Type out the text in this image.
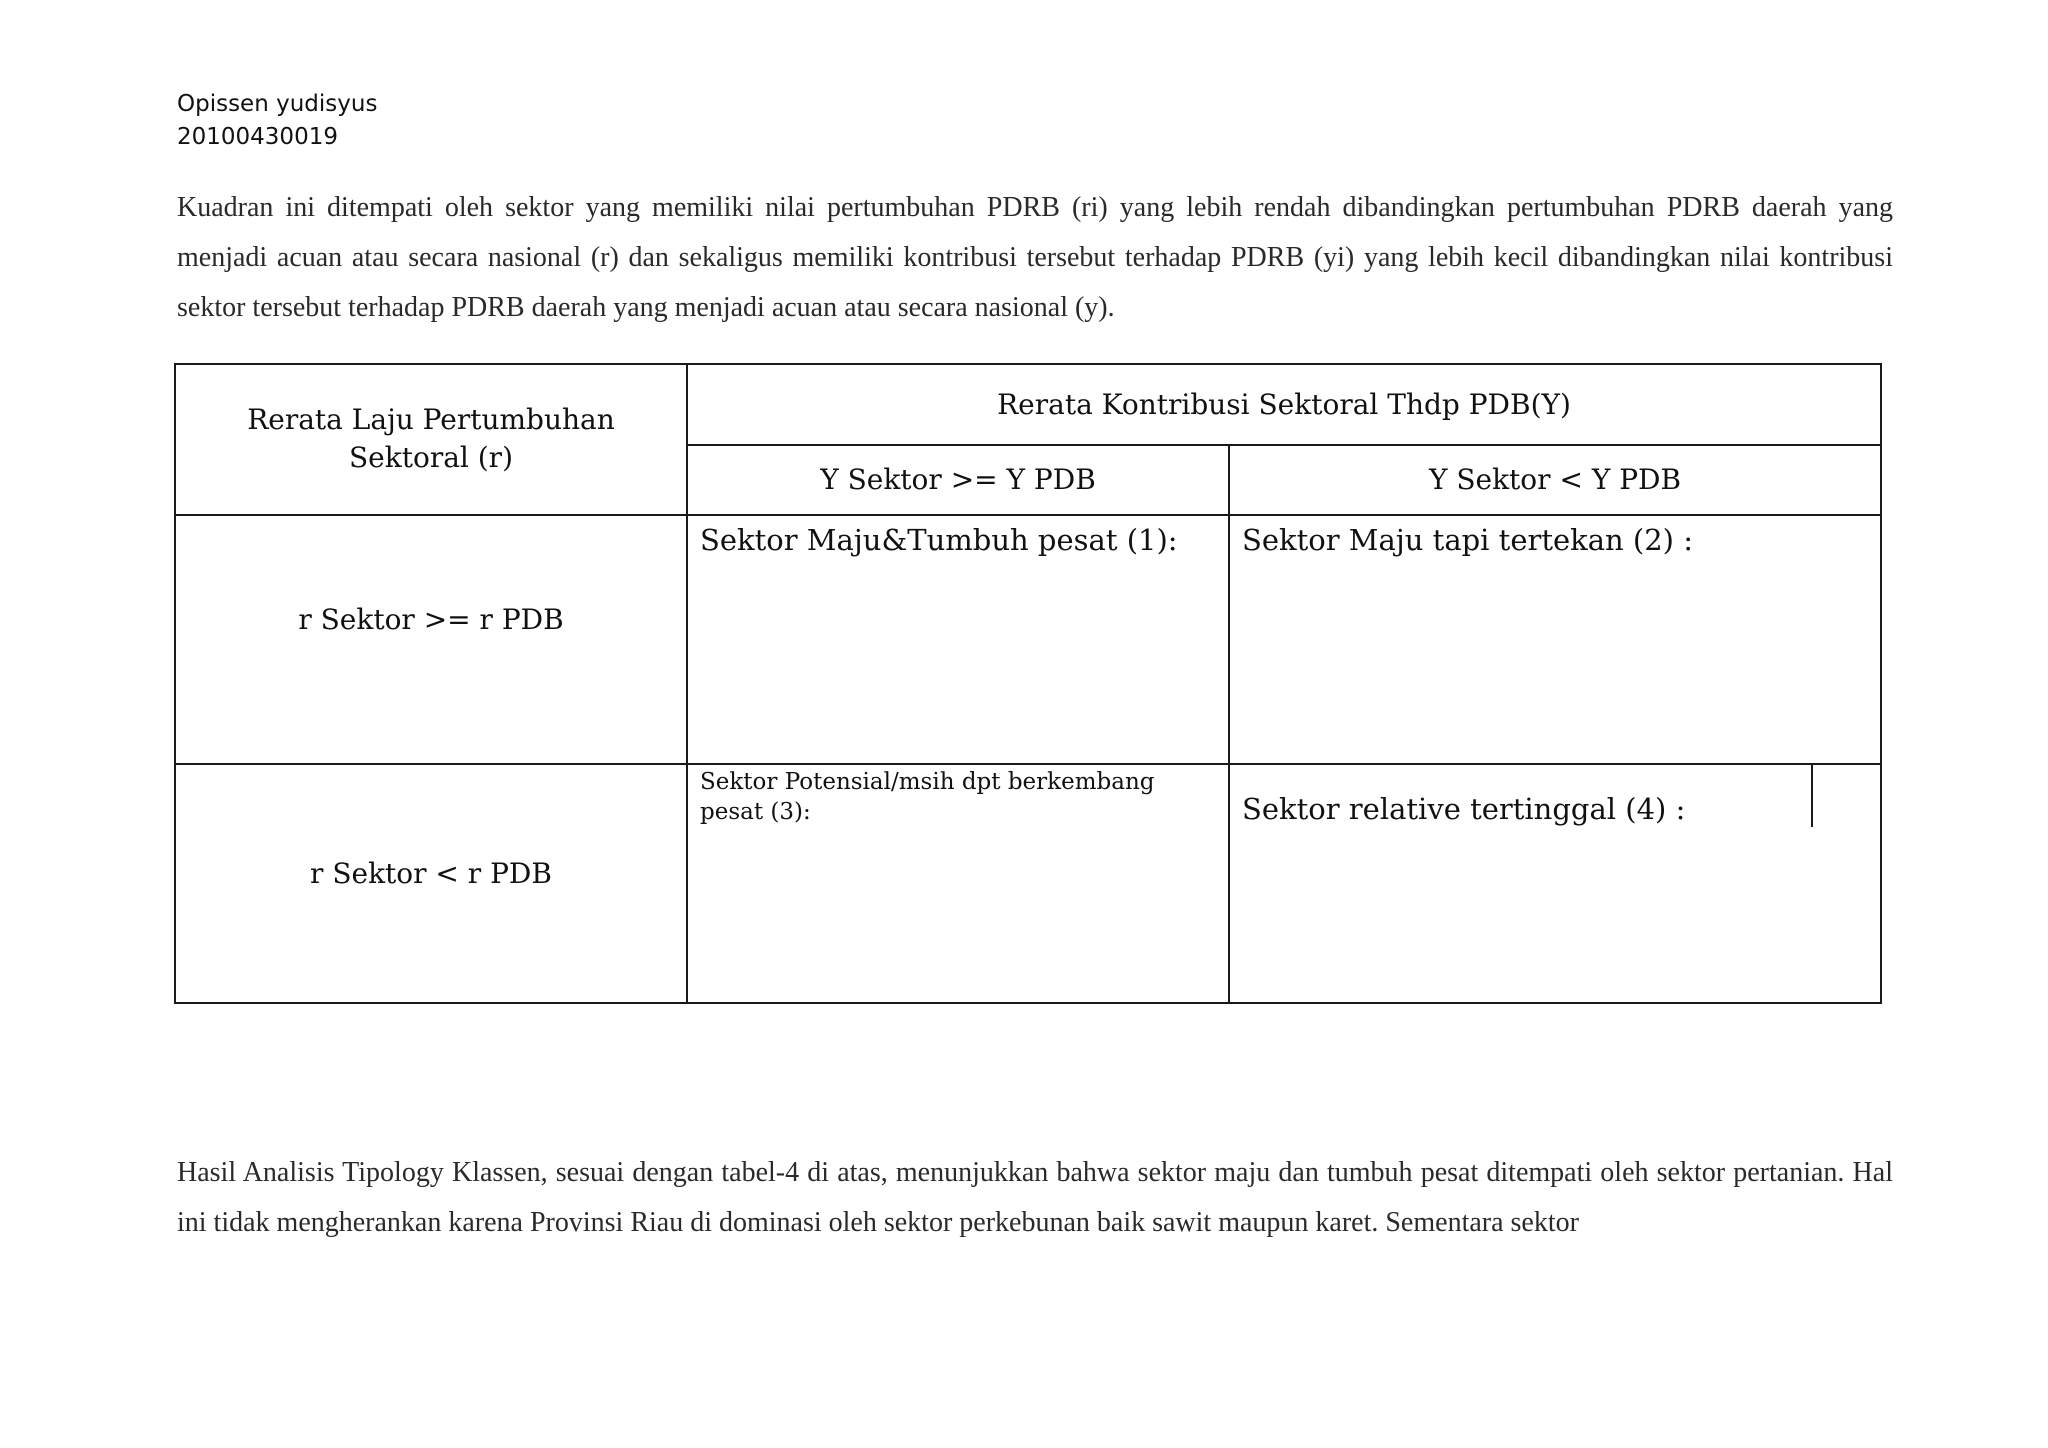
Opissen yudisyus
20100430019

Kuadran ini ditempati oleh sektor yang memiliki nilai pertumbuhan PDRB (ri) yang lebih rendah dibandingkan pertumbuhan PDRB daerah yang menjadi acuan atau secara nasional (r) dan sekaligus memiliki kontribusi tersebut terhadap PDRB (yi) yang lebih kecil dibandingkan nilai kontribusi sektor tersebut terhadap PDRB daerah yang menjadi acuan atau secara nasional (y).

Rerata Laju Pertumbuhan Sektoral (r)	Rerata Kontribusi Sektoral Thdp PDB(Y)	
	Y Sektor >= Y PDB	Y Sektor < Y PDB
r Sektor >= r PDB	Sektor Maju&Tumbuh pesat (1):	Sektor Maju tapi tertekan (2) :

r Sektor < r PDB	Sektor Potensial/msih dpt berkembang pesat (3):	Sektor relative tertinggal (4) :

Hasil Analisis Tipology Klassen, sesuai dengan tabel-4 di atas, menunjukkan bahwa sektor maju dan tumbuh pesat ditempati oleh sektor pertanian. Hal ini tidak mengherankan karena Provinsi Riau di dominasi oleh sektor perkebunan baik sawit maupun karet. Sementara sektor
